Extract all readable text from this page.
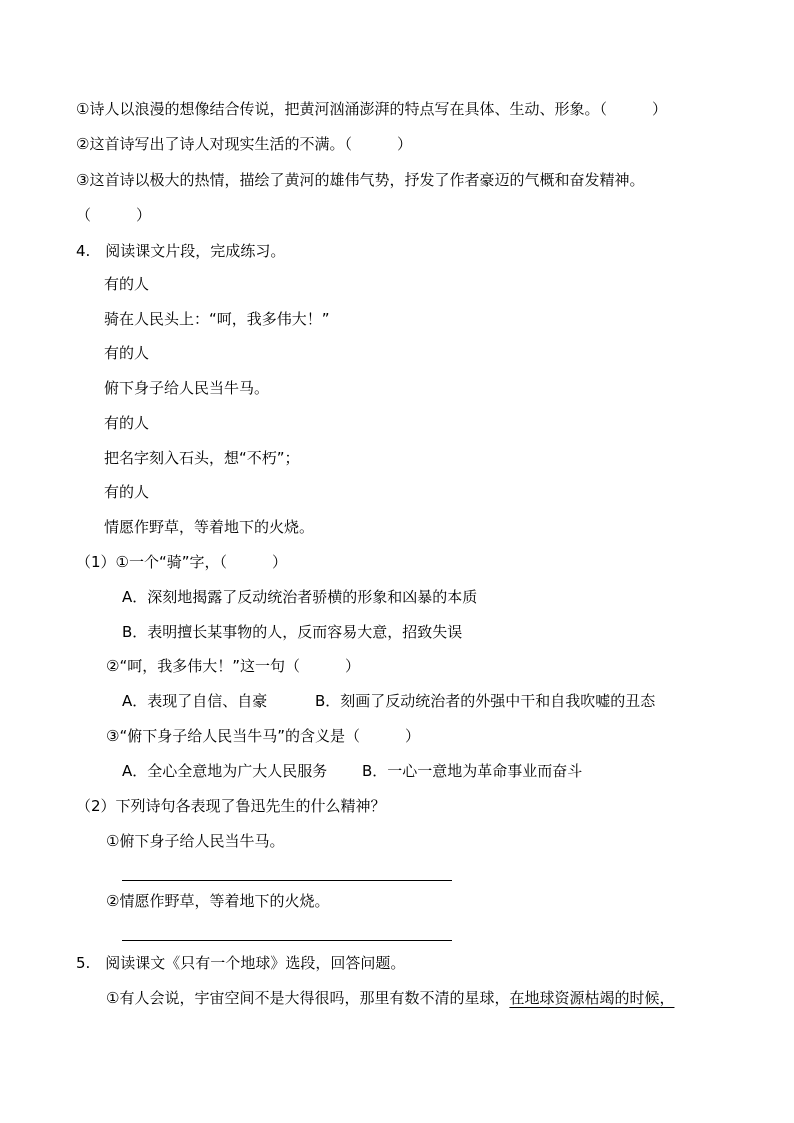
①诗人以浪漫的想像结合传说，把黄河汹涌澎湃的特点写在具体、生动、形象。（　　　）
②这首诗写出了诗人对现实生活的不满。（　　　）
③这首诗以极大的热情，描绘了黄河的雄伟气势，抒发了作者豪迈的气概和奋发精神。
（　　　）
4.　阅读课文片段，完成练习。
有的人
骑在人民头上：“呵，我多伟大！”
有的人
俯下身子给人民当牛马。
有的人
把名字刻入石头，想“不朽”；
有的人
情愿作野草，等着地下的火烧。
（1）①一个“骑”字，（　　　）
A．深刻地揭露了反动统治者骄横的形象和凶暴的本质
B．表明擅长某事物的人，反而容易大意，招致失误
②“呵，我多伟大！”这一句（　　　）
A．表现了自信、自豪	B．刻画了反动统治者的外强中干和自我吹嘘的丑态
③“俯下身子给人民当牛马”的含义是（　　　）
A．全心全意地为广大人民服务 B．一心一意地为革命事业而奋斗
（2）下列诗句各表现了鲁迅先生的什么精神？
①俯下身子给人民当牛马。
②情愿作野草，等着地下的火烧。
5.　阅读课文《只有一个地球》选段，回答问题。
①有人会说，宇宙空间不是大得很吗，那里有数不清的星球，在地球资源枯竭的时候，
